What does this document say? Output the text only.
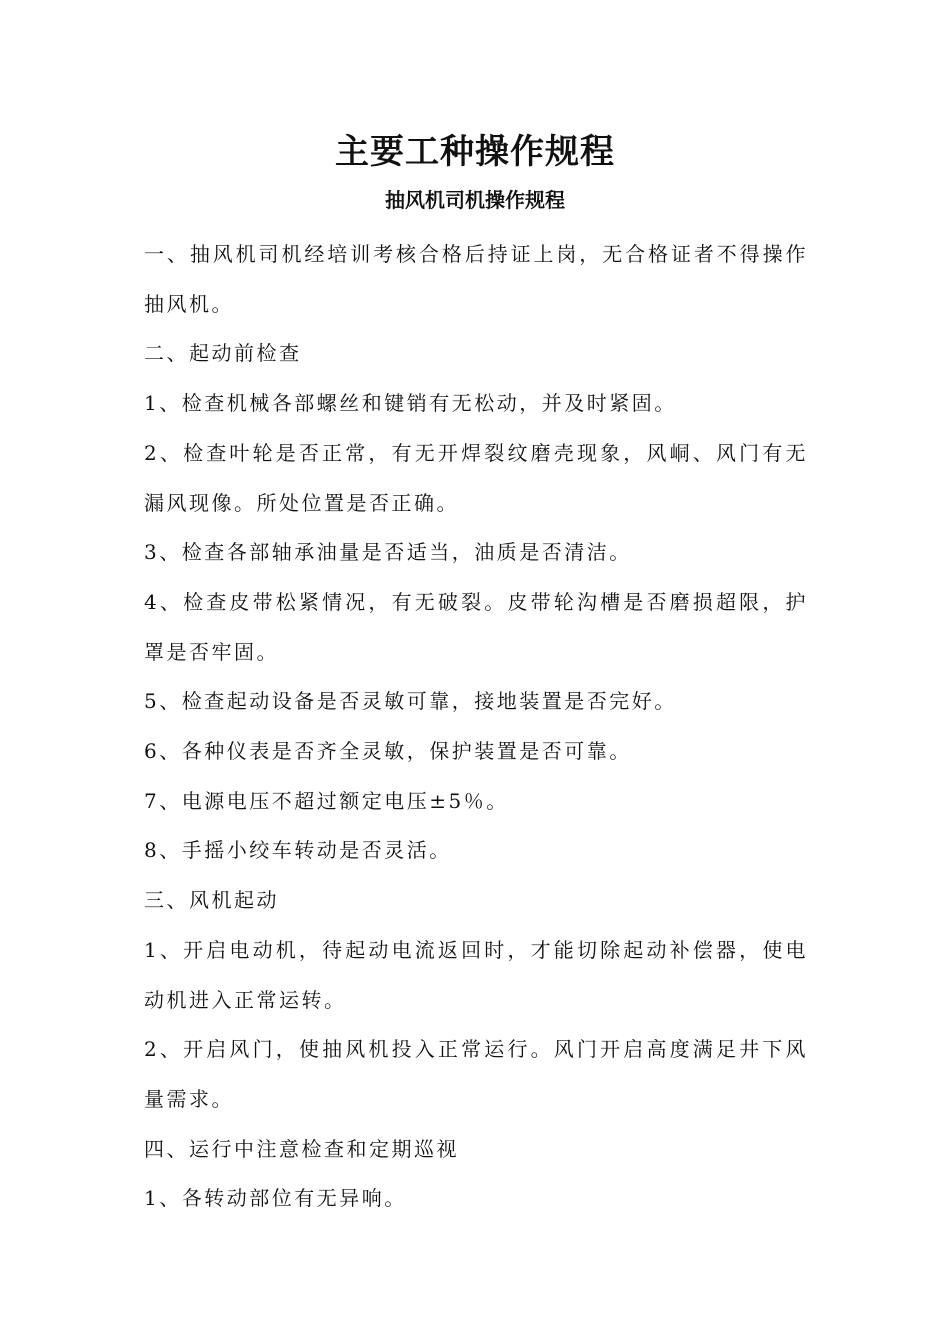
主要工种操作规程
抽风机司机操作规程

一、抽风机司机经培训考核合格后持证上岗，无合格证者不得操作抽风机。

二、起动前检查

1、检查机械各部螺丝和键销有无松动，并及时紧固。

2、检查叶轮是否正常，有无开焊裂纹磨壳现象，风峒、风门有无漏风现像。所处位置是否正确。

3、检查各部轴承油量是否适当，油质是否清洁。

4、检查皮带松紧情况，有无破裂。皮带轮沟槽是否磨损超限，护罩是否牢固。

5、检查起动设备是否灵敏可靠，接地装置是否完好。

6、各种仪表是否齐全灵敏，保护装置是否可靠。

7、电源电压不超过额定电压±5％。

8、手摇小绞车转动是否灵活。

三、风机起动

1、开启电动机，待起动电流返回时，才能切除起动补偿器，使电动机进入正常运转。

2、开启风门，使抽风机投入正常运行。风门开启高度满足井下风量需求。

四、运行中注意检查和定期巡视

1、各转动部位有无异响。
